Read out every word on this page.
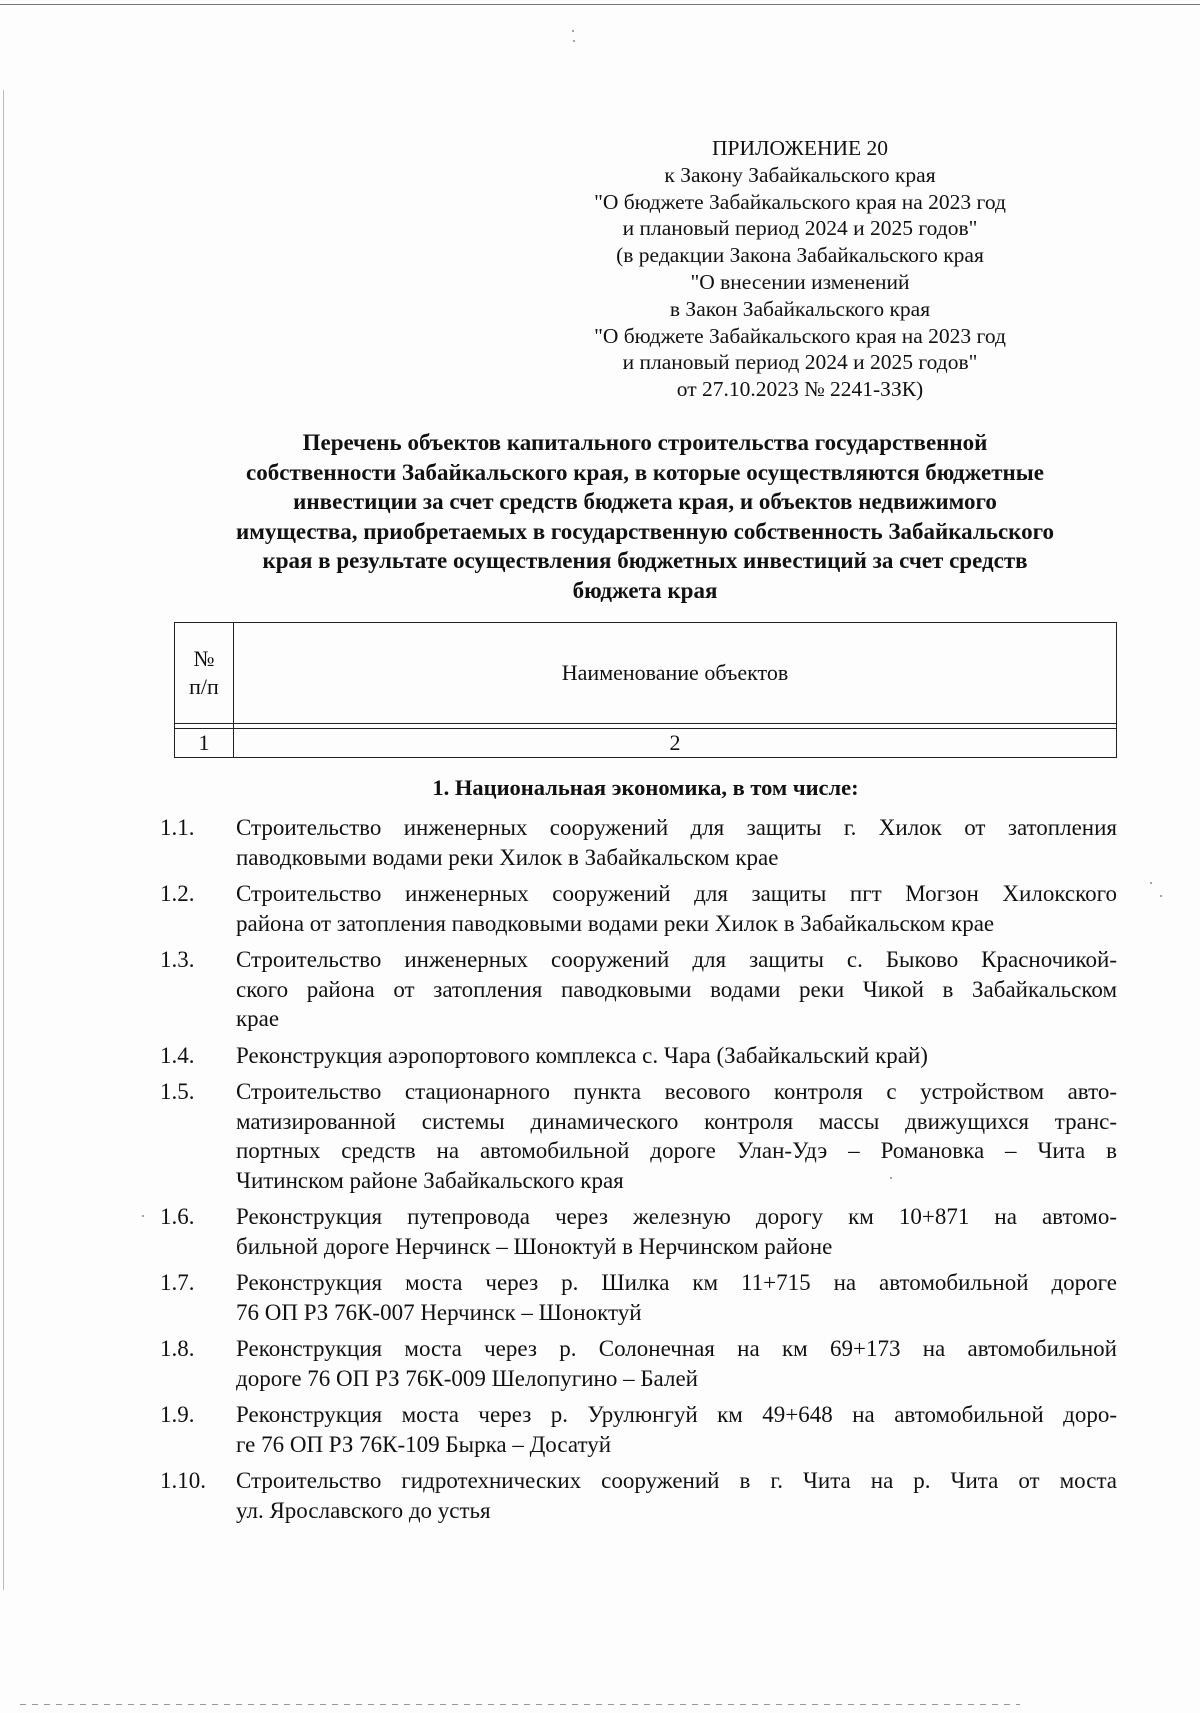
ПРИЛОЖЕНИЕ 20
к Закону Забайкальского края
"О бюджете Забайкальского края на 2023 год
и плановый период 2024 и 2025 годов"
(в редакции Закона Забайкальского края
"О внесении изменений
в Закон Забайкальского края
"О бюджете Забайкальского края на 2023 год
и плановый период 2024 и 2025 годов"
от 27.10.2023 № 2241-ЗЗК)
Перечень объектов капитального строительства государственной
собственности Забайкальского края, в которые осуществляются бюджетные
инвестиции за счет средств бюджета края, и объектов недвижимого
имущества, приобретаемых в государственную собственность Забайкальского
края в результате осуществления бюджетных инвестиций за счет средств
бюджета края
№
п/п	Наименование объектов

1	2
1. Национальная экономика, в том числе:
1.1.	Строительство инженерных сооружений для защиты г. Хилок от затопления
паводковыми водами реки Хилок в Забайкальском крае
1.2.	Строительство инженерных сооружений для защиты пгт Могзон Хилокского
района от затопления паводковыми водами реки Хилок в Забайкальском крае
1.3.	Строительство инженерных сооружений для защиты с. Быково Красночикой-
ского района от затопления паводковыми водами реки Чикой в Забайкальском
крае
1.4.	Реконструкция аэропортового комплекса с. Чара (Забайкальский край)
1.5.	Строительство стационарного пункта весового контроля с устройством авто-
матизированной системы динамического контроля массы движущихся транс-
портных средств на автомобильной дороге Улан-Удэ – Романовка – Чита в
Читинском районе Забайкальского края
1.6.	Реконструкция путепровода через железную дорогу км 10+871 на автомо-
бильной дороге Нерчинск – Шоноктуй в Нерчинском районе
1.7.	Реконструкция моста через р. Шилка км 11+715 на автомобильной дороге
76 ОП РЗ 76К-007 Нерчинск – Шоноктуй
1.8.	Реконструкция моста через р. Солонечная на км 69+173 на автомобильной
дороге 76 ОП РЗ 76К-009 Шелопугино – Балей
1.9.	Реконструкция моста через р. Урулюнгуй км 49+648 на автомобильной доро-
ге 76 ОП РЗ 76К-109 Бырка – Досатуй
1.10.	Строительство гидротехнических сооружений в г. Чита на р. Чита от моста
ул. Ярославского до устья
